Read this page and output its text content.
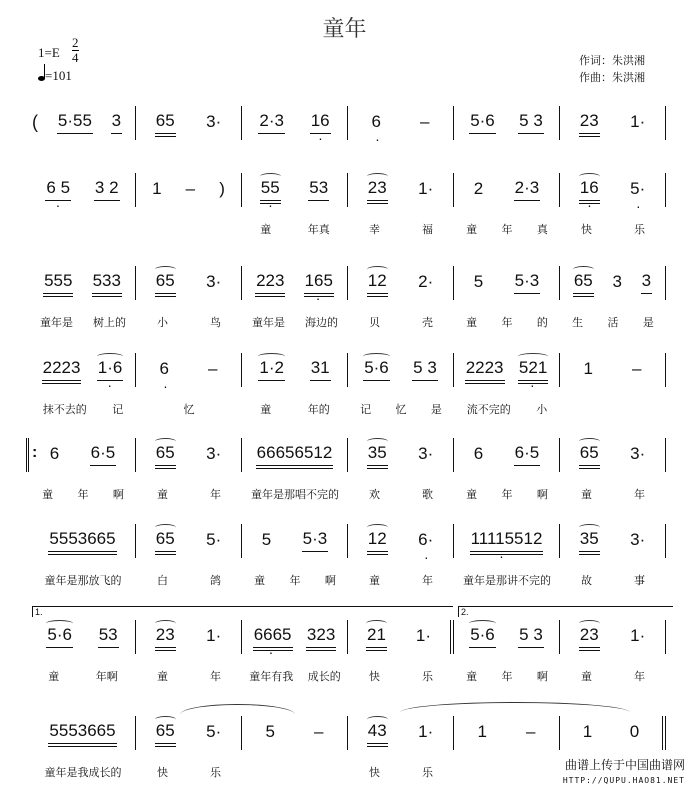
童年
1=E
2
4
=101
作词：朱洪湘
作曲：朱洪湘
( 5·55 3 65 3· 2·3 · 16 · 6 – 5·6 5 3 23 1·
· 6 5 3 2 1 – ) · 55 53 23 1· 2 2·3 · 16 · 5·
童	年真	幸	福	童 年 真	快	乐
555 533 65 3· 223 · 165 12 2· 5 5·3 65 3 3
童年是 树上的	小	鸟	童年是 海边的	贝	壳	童 年 的 生 活 是
2223 · 1·6 · 6 – 1·2 31 5·6 5 3 2223 · 521 1 –
抹不去的 记	忆	童	年的	记 忆 是 流不完的 小
:
6 6·5 65 3· 66656512 35 3· 6 6·5 65 3·
童 年 啊	童	年	童年是那唱不完的	欢	歌	童 年 啊	童	年
5553665 65 5· 5 5·3 12 · 6· · 11115512 35 3·
童年是那放飞的	白	鸽	童 年 啊	童	年	童年是那讲不完的	故	事
5·6 53 23 1· · 6665 323 21 1· 5·6 5 3 23 1·
童	年啊	童	年	童年有我 成长的	快	乐	童 年 啊	童	年
1.	2.
5553665 65 5·	5 –	43 1·	1 –	1 0
童年是我成长的	快	乐	快	乐
曲谱上传于中国曲谱网
HTTP://QUPU.HAO81.NET
